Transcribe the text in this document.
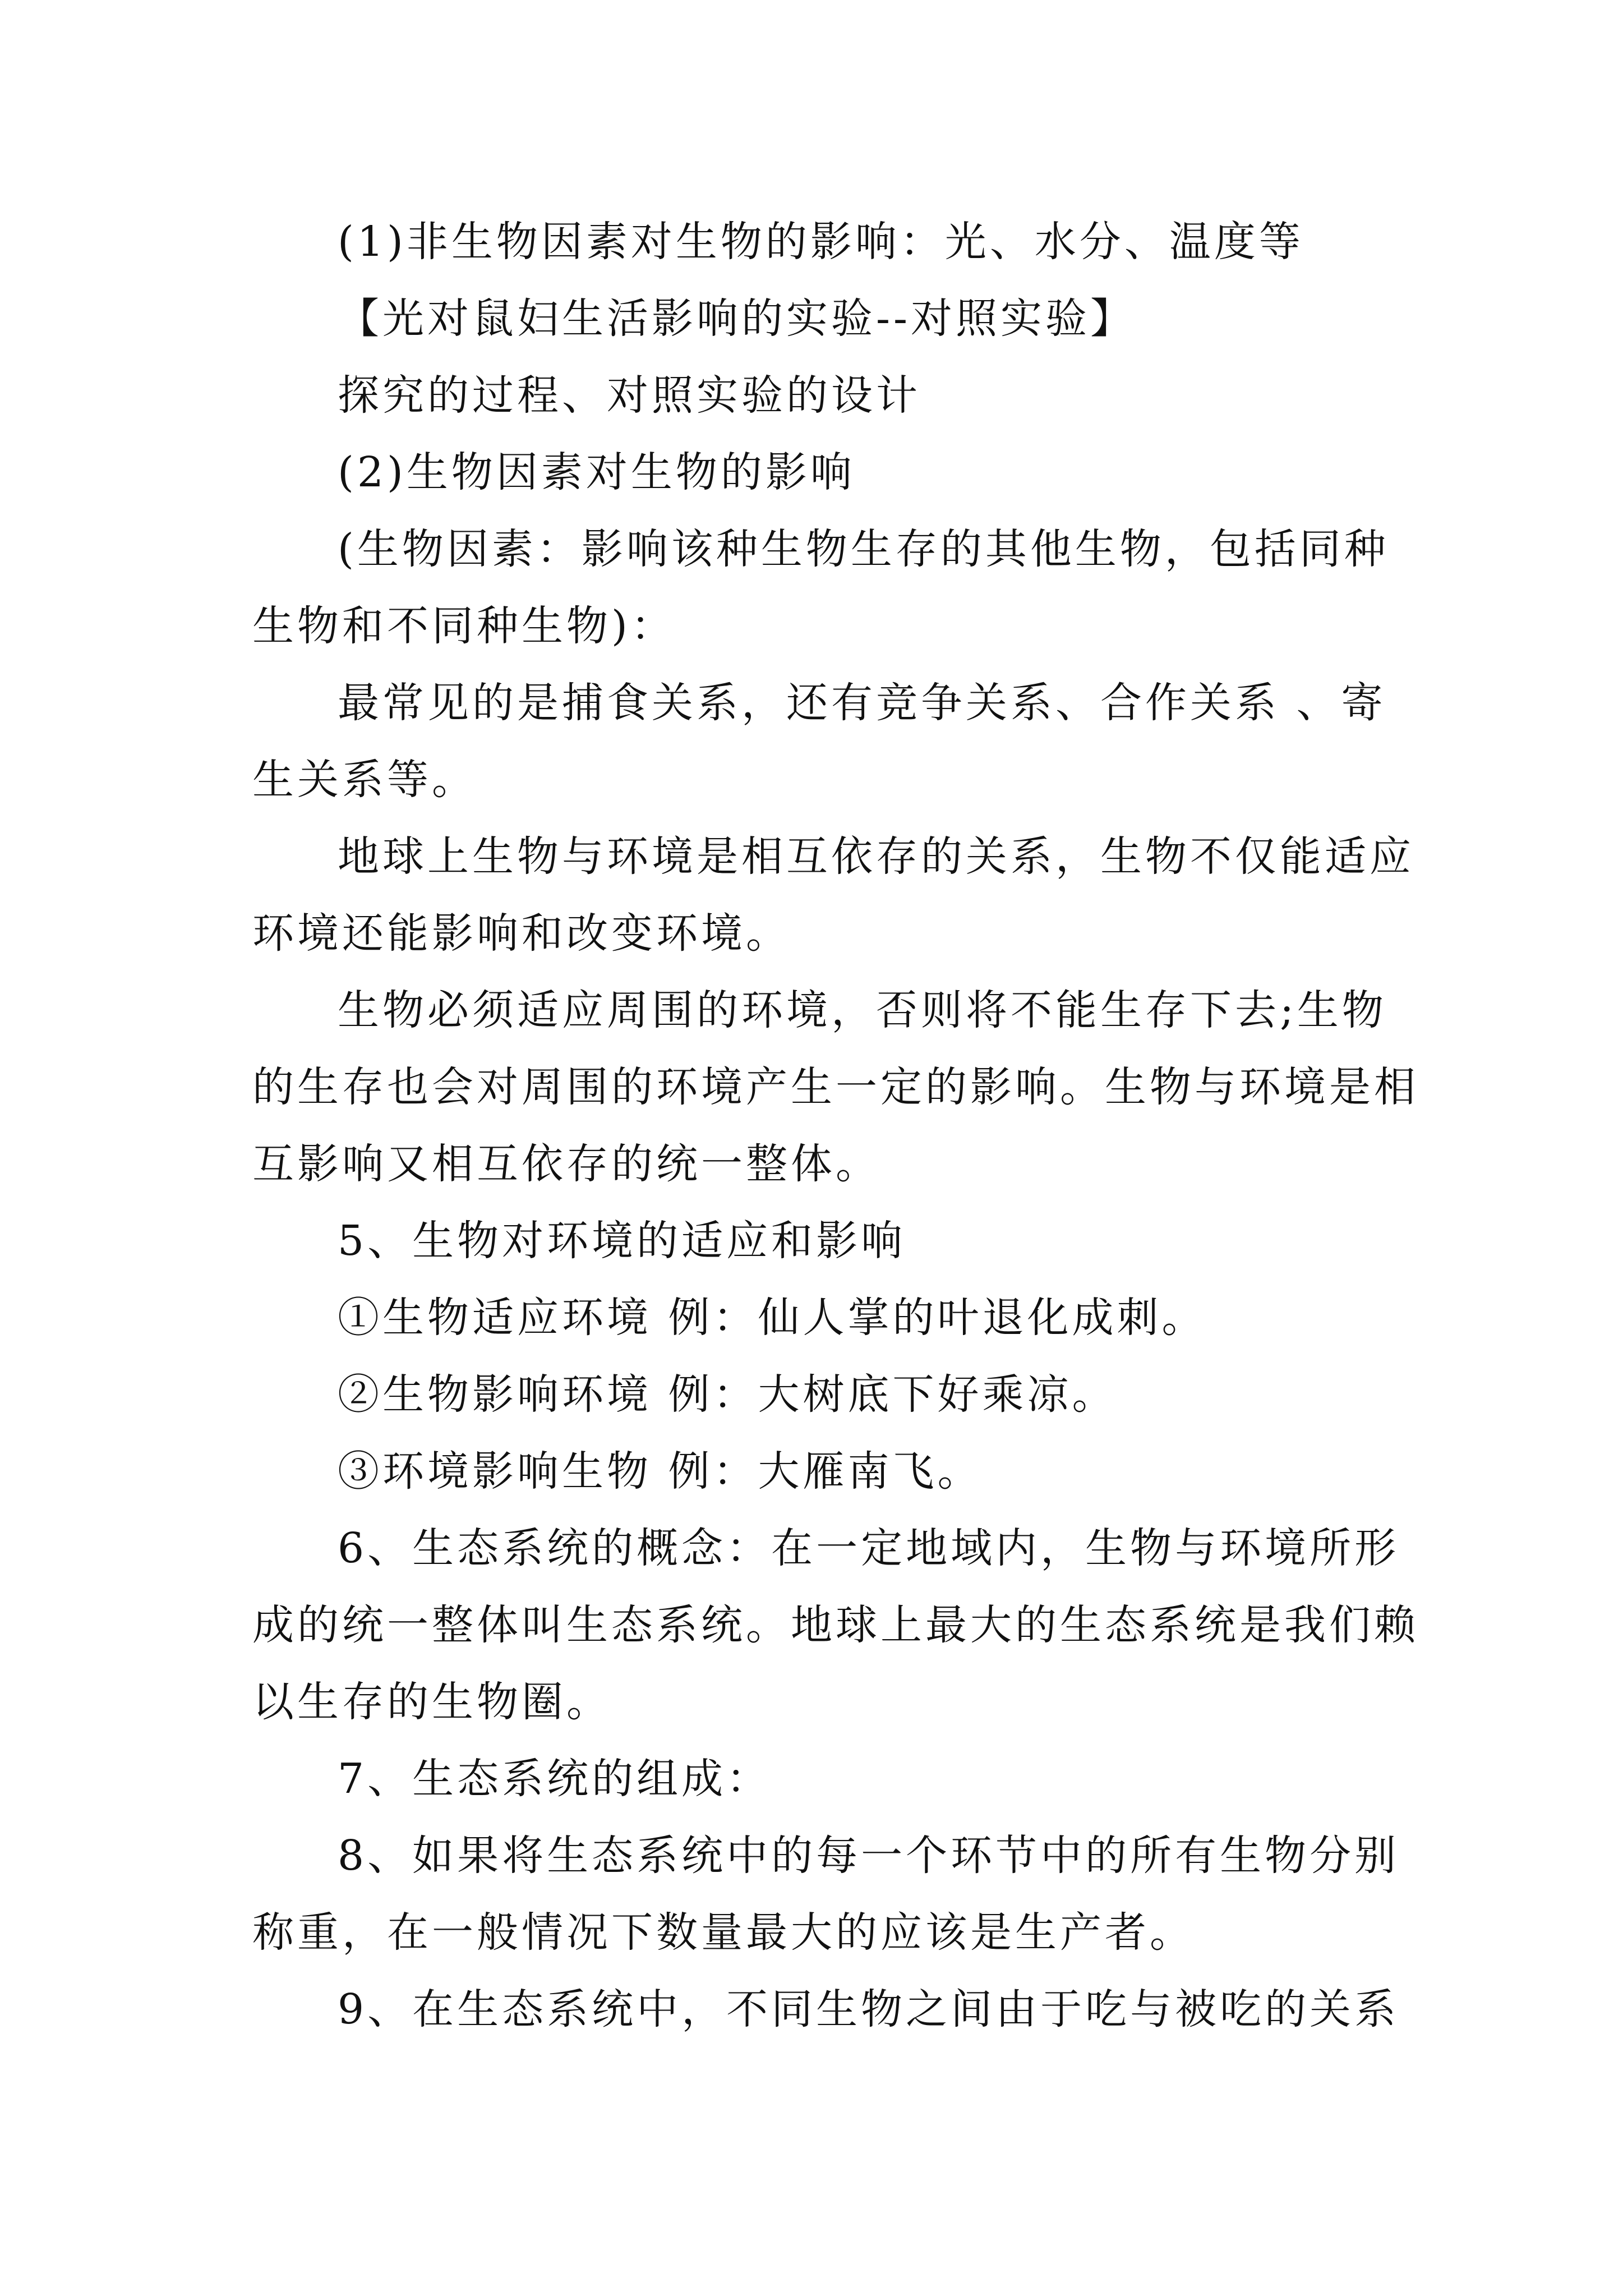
(1)非生物因素对生物的影响：光、水分、温度等
【光对鼠妇生活影响的实验--对照实验】
探究的过程、对照实验的设计
(2)生物因素对生物的影响
(生物因素：影响该种生物生存的其他生物，包括同种
生物和不同种生物)：
最常见的是捕食关系，还有竞争关系、合作关系 、寄
生关系等。
地球上生物与环境是相互依存的关系，生物不仅能适应
环境还能影响和改变环境。
生物必须适应周围的环境，否则将不能生存下去;生物
的生存也会对周围的环境产生一定的影响。生物与环境是相
互影响又相互依存的统一整体。
5、生物对环境的适应和影响
①生物适应环境 例：仙人掌的叶退化成刺。
②生物影响环境 例：大树底下好乘凉。
③环境影响生物 例：大雁南飞。
6、生态系统的概念：在一定地域内，生物与环境所形
成的统一整体叫生态系统。地球上最大的生态系统是我们赖
以生存的生物圈。
7、生态系统的组成：
8、如果将生态系统中的每一个环节中的所有生物分别
称重，在一般情况下数量最大的应该是生产者。
9、在生态系统中，不同生物之间由于吃与被吃的关系
